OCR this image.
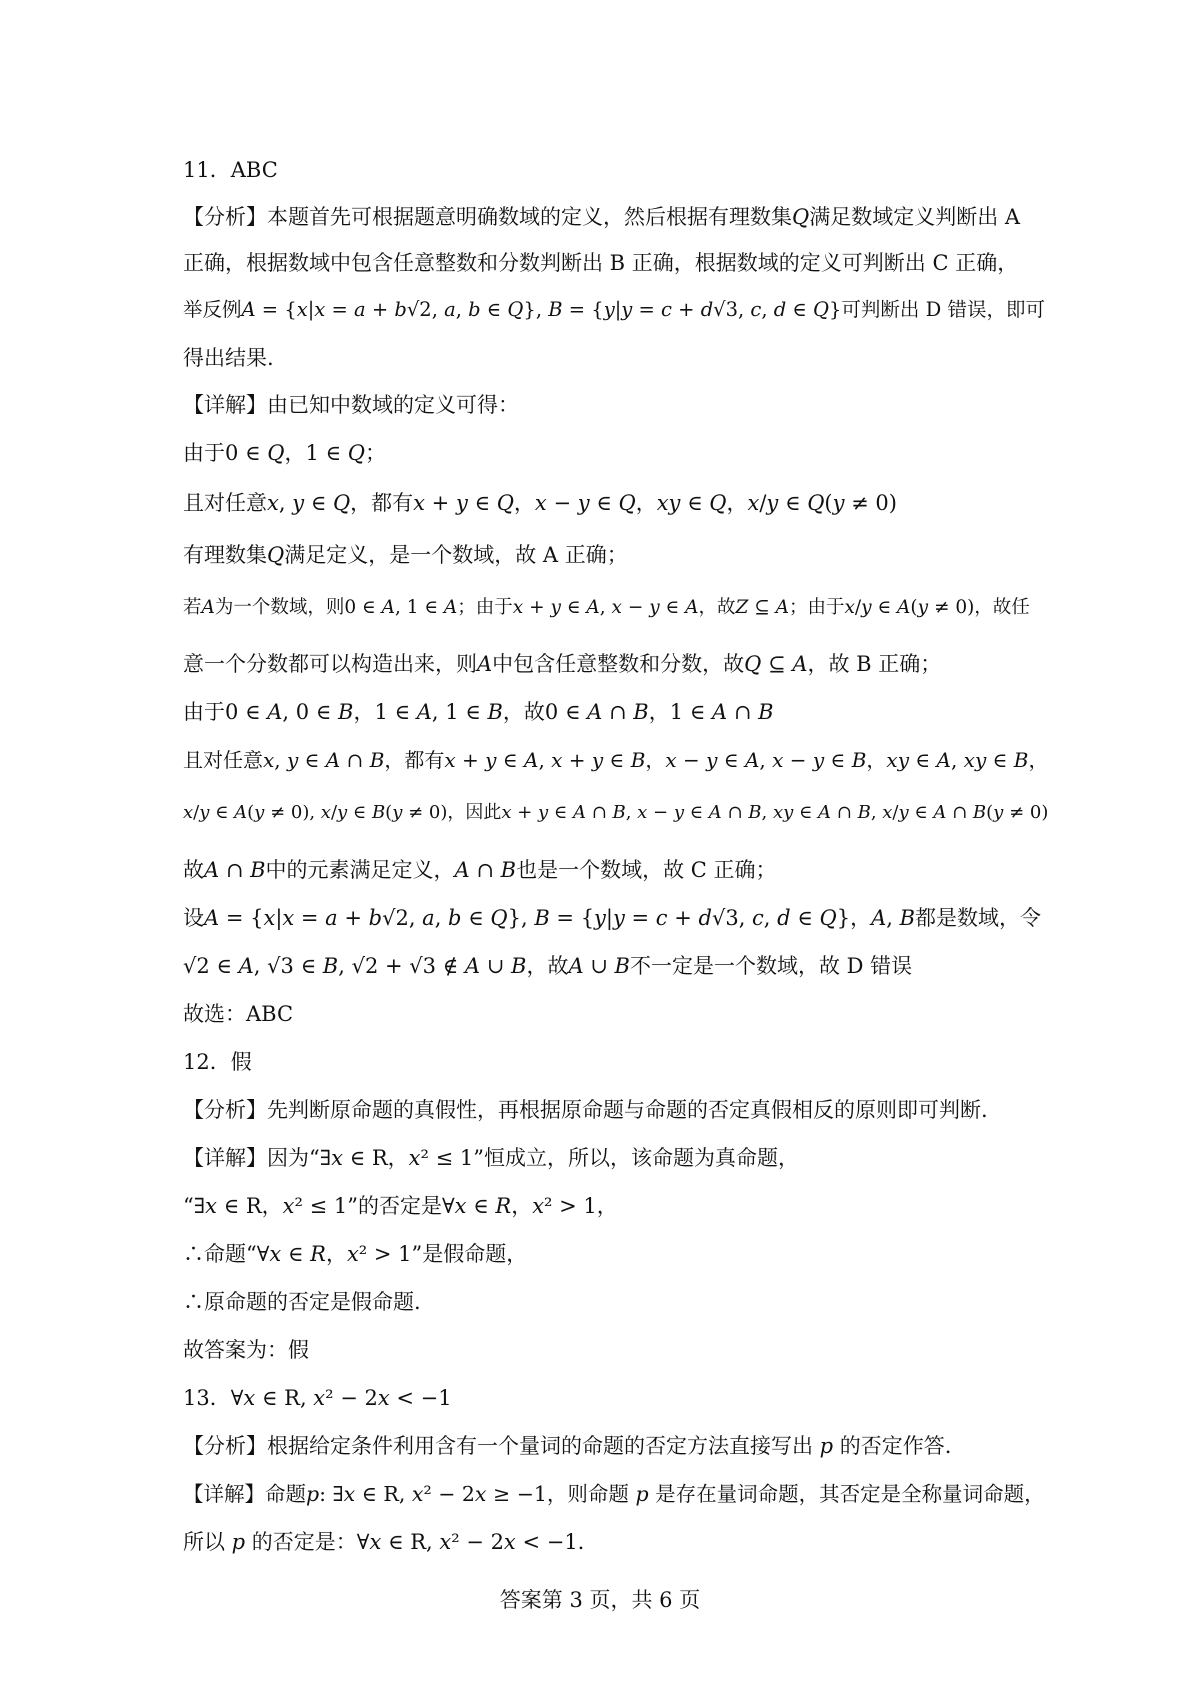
11．ABC
【分析】本题首先可根据题意明确数域的定义，然后根据有理数集𝑄满足数域定义判断出 A
正确，根据数域中包含任意整数和分数判断出 B 正确，根据数域的定义可判断出 C 正确，
举反例𝐴 = {𝑥|𝑥 = 𝑎 + 𝑏√2, 𝑎, 𝑏 ∈ 𝑄}, 𝐵 = {𝑦|𝑦 = 𝑐 + 𝑑√3, 𝑐, 𝑑 ∈ 𝑄}可判断出 D 错误，即可
得出结果.
【详解】由已知中数域的定义可得：
由于0 ∈ 𝑄，1 ∈ 𝑄；
且对任意𝑥, 𝑦 ∈ 𝑄，都有𝑥 + 𝑦 ∈ 𝑄，𝑥 − 𝑦 ∈ 𝑄，𝑥𝑦 ∈ 𝑄，𝑥/𝑦 ∈ 𝑄(𝑦 ≠ 0)
有理数集𝑄满足定义，是一个数域，故 A 正确；
若𝐴为一个数域，则0 ∈ 𝐴, 1 ∈ 𝐴；由于𝑥 + 𝑦 ∈ 𝐴, 𝑥 − 𝑦 ∈ 𝐴，故𝑍 ⊆ 𝐴；由于𝑥/𝑦 ∈ 𝐴(𝑦 ≠ 0)，故任
意一个分数都可以构造出来，则𝐴中包含任意整数和分数，故𝑄 ⊆ 𝐴，故 B 正确；
由于0 ∈ 𝐴, 0 ∈ 𝐵，1 ∈ 𝐴, 1 ∈ 𝐵，故0 ∈ 𝐴 ∩ 𝐵，1 ∈ 𝐴 ∩ 𝐵
且对任意𝑥, 𝑦 ∈ 𝐴 ∩ 𝐵，都有𝑥 + 𝑦 ∈ 𝐴, 𝑥 + 𝑦 ∈ 𝐵，𝑥 − 𝑦 ∈ 𝐴, 𝑥 − 𝑦 ∈ 𝐵，𝑥𝑦 ∈ 𝐴, 𝑥𝑦 ∈ 𝐵，
𝑥/𝑦 ∈ 𝐴(𝑦 ≠ 0), 𝑥/𝑦 ∈ 𝐵(𝑦 ≠ 0)，因此𝑥 + 𝑦 ∈ 𝐴 ∩ 𝐵, 𝑥 − 𝑦 ∈ 𝐴 ∩ 𝐵, 𝑥𝑦 ∈ 𝐴 ∩ 𝐵, 𝑥/𝑦 ∈ 𝐴 ∩ 𝐵(𝑦 ≠ 0)
故𝐴 ∩ 𝐵中的元素满足定义，𝐴 ∩ 𝐵也是一个数域，故 C 正确；
设𝐴 = {𝑥|𝑥 = 𝑎 + 𝑏√2, 𝑎, 𝑏 ∈ 𝑄}, 𝐵 = {𝑦|𝑦 = 𝑐 + 𝑑√3, 𝑐, 𝑑 ∈ 𝑄}，𝐴, 𝐵都是数域，令
√2 ∈ 𝐴, √3 ∈ 𝐵, √2 + √3 ∉ 𝐴 ∪ 𝐵，故𝐴 ∪ 𝐵不一定是一个数域，故 D 错误
故选：ABC
12．假
【分析】先判断原命题的真假性，再根据原命题与命题的否定真假相反的原则即可判断.
【详解】因为“∃𝑥 ∈ R，𝑥² ≤ 1”恒成立，所以，该命题为真命题，
“∃𝑥 ∈ R，𝑥² ≤ 1”的否定是∀𝑥 ∈ 𝑅，𝑥² > 1，
∴命题“∀𝑥 ∈ 𝑅，𝑥² > 1”是假命题，
∴原命题的否定是假命题.
故答案为：假
13．∀𝑥 ∈ R, 𝑥² − 2𝑥 < −1
【分析】根据给定条件利用含有一个量词的命题的否定方法直接写出 𝑝 的否定作答.
【详解】命题𝑝: ∃𝑥 ∈ R, 𝑥² − 2𝑥 ≥ −1，则命题 𝑝 是存在量词命题，其否定是全称量词命题，
所以 𝑝 的否定是：∀𝑥 ∈ R, 𝑥² − 2𝑥 < −1.
答案第 3 页，共 6 页
